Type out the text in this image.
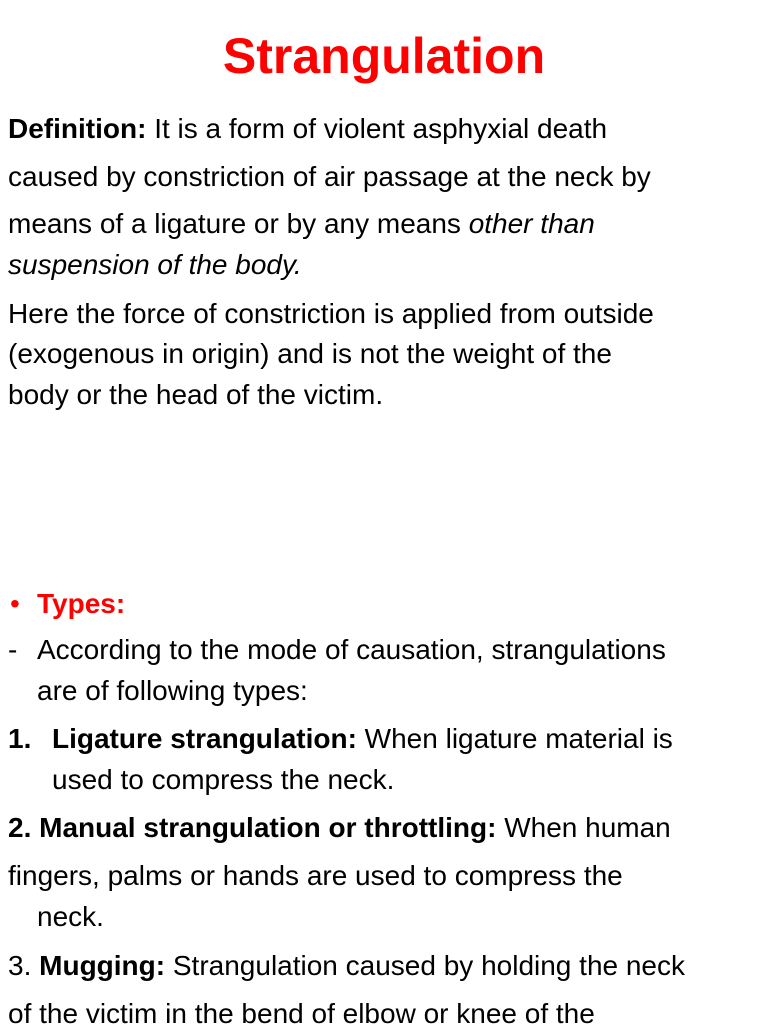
Strangulation
Definition: It is a form of violent asphyxial death
caused by constriction of air passage at the neck by
means of a ligature or by any means other than
suspension of the body.
Here the force of constriction is applied from outside
(exogenous in origin) and is not the weight of the
body or the head of the victim.
• Types:
- According to the mode of causation, strangulations
are of following types:
1. Ligature strangulation: When ligature material is
used to compress the neck.
2. Manual strangulation or throttling: When human
fingers, palms or hands are used to compress the
neck.
3. Mugging: Strangulation caused by holding the neck
of the victim in the bend of elbow or knee of the
